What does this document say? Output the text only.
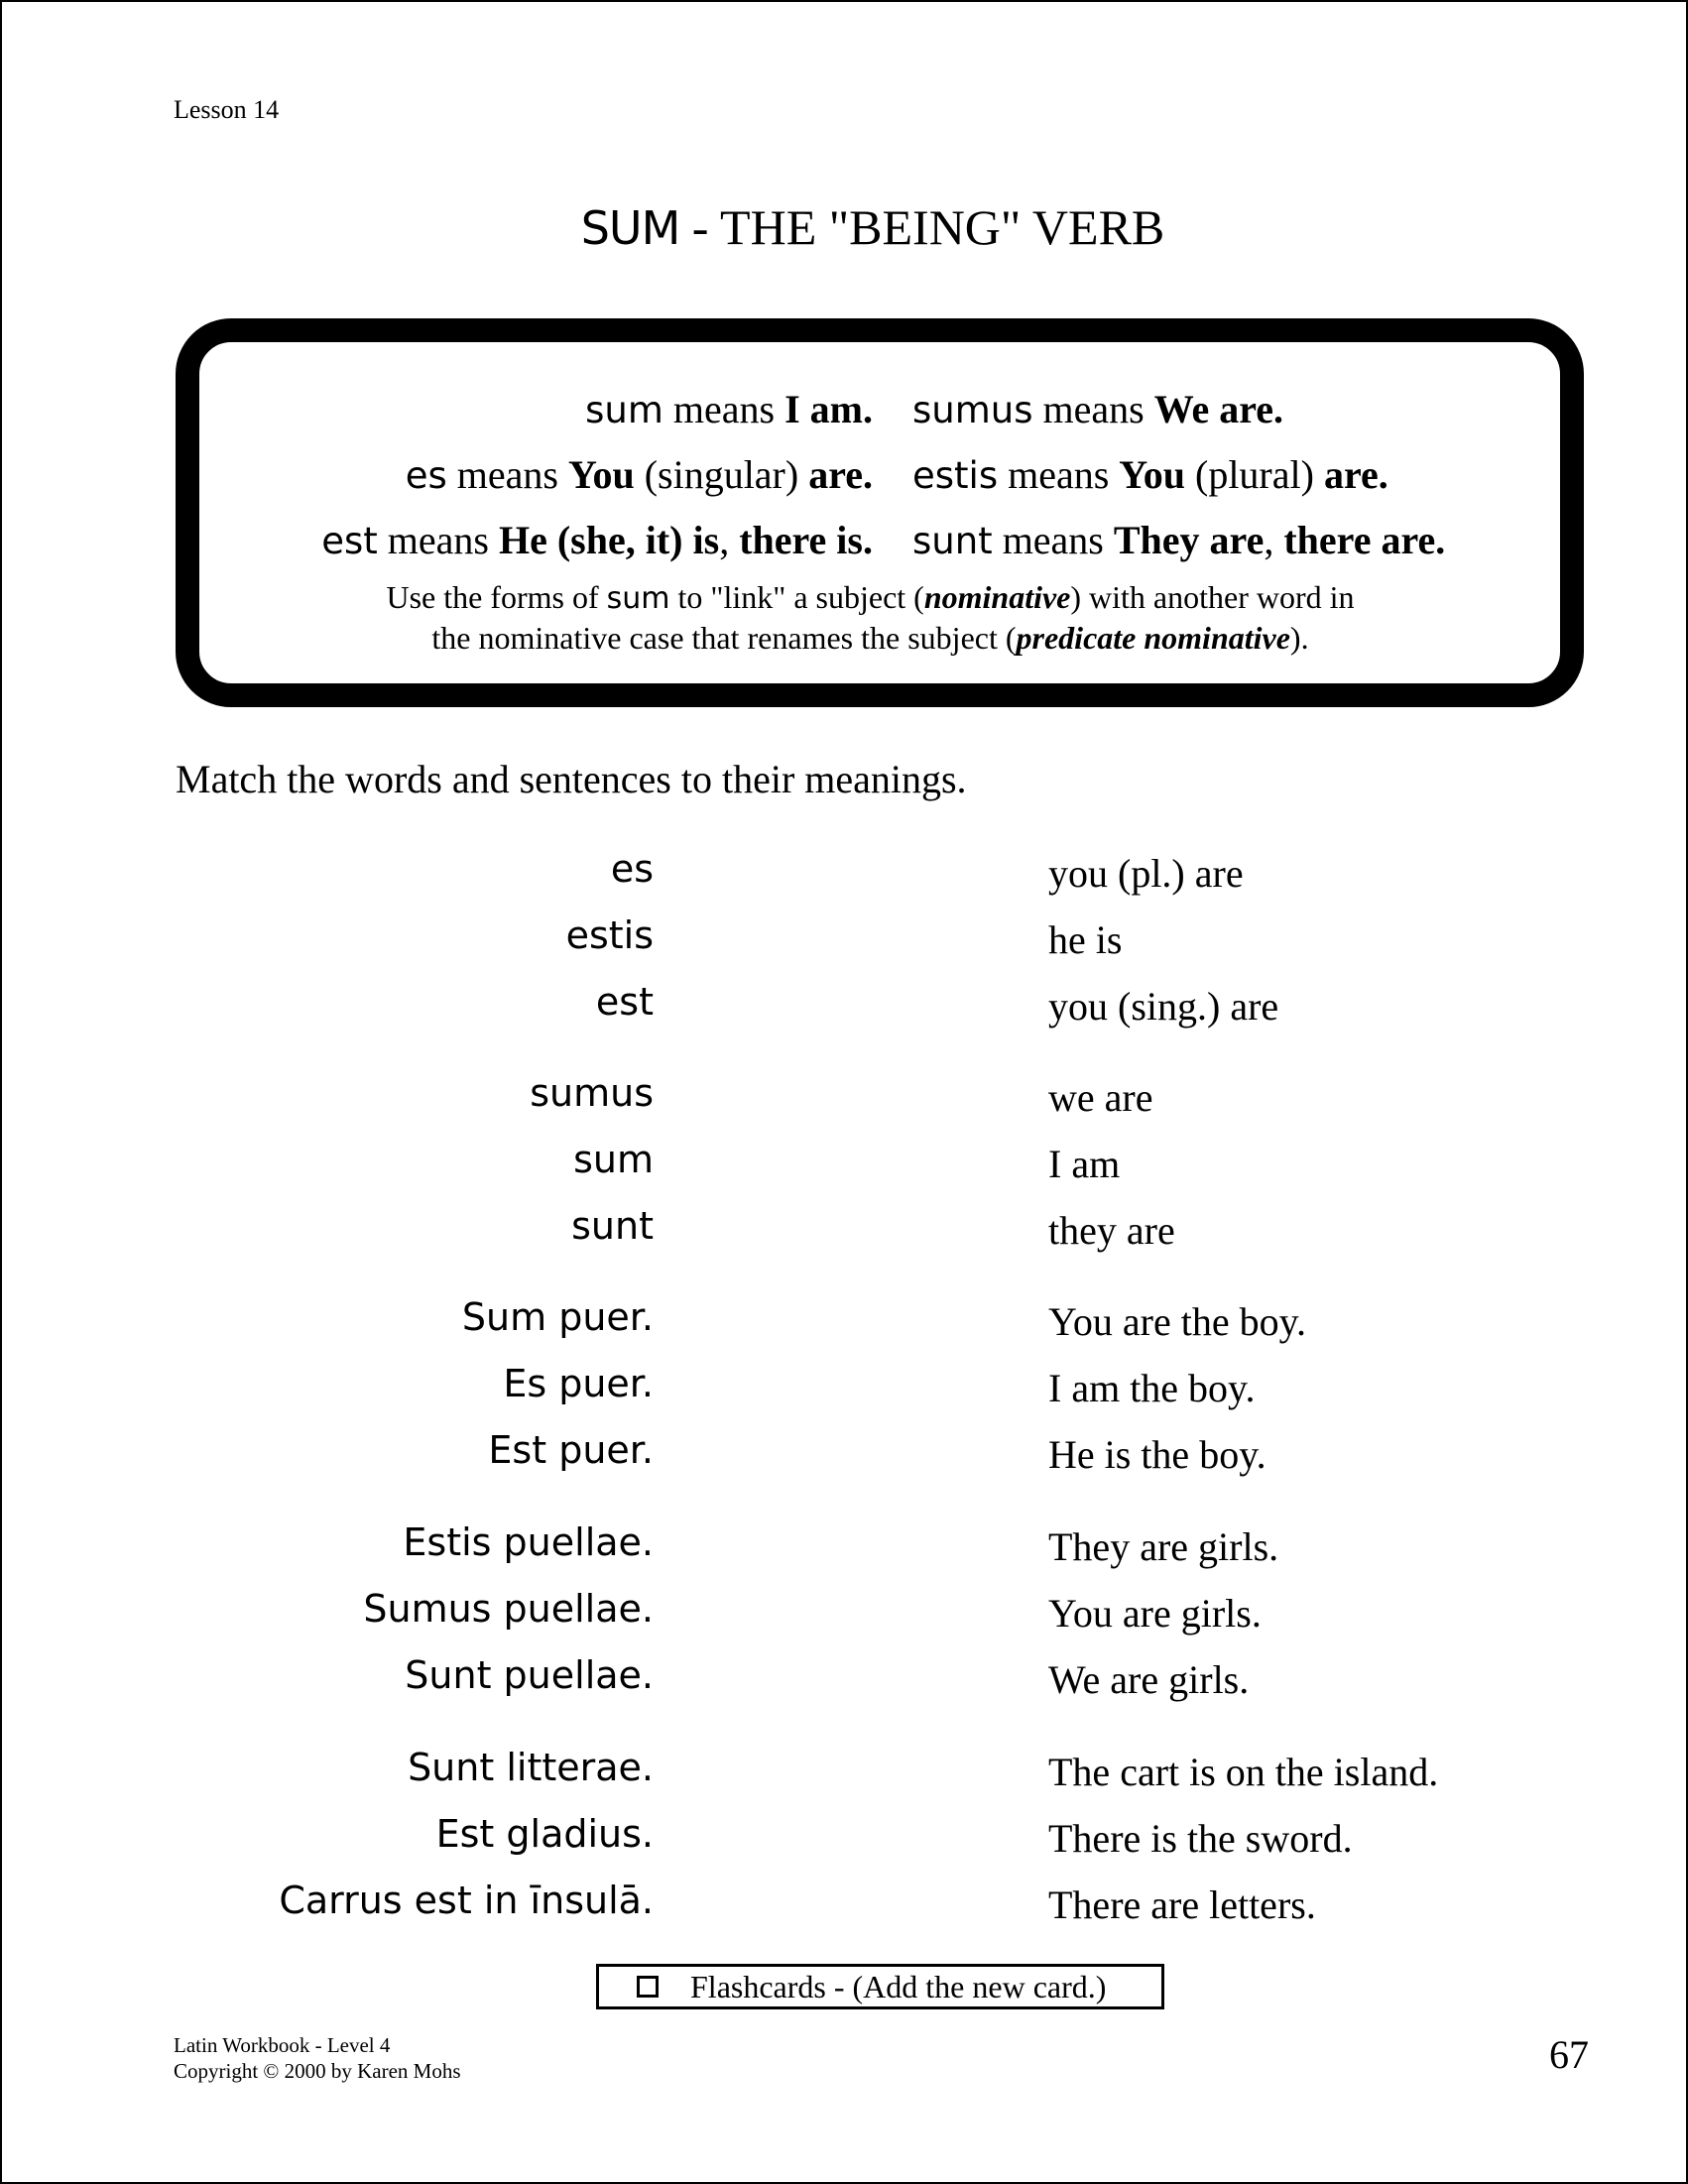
Lesson 14
SUM - THE "BEING" VERB
sum means I am. sumus means We are.
es means You (singular) are. estis means You (plural) are.
est means He (she, it) is, there is. sunt means They are, there are.
Use the forms of sum to "link" a subject (nominative) with another word in
the nominative case that renames the subject (predicate nominative).
Match the words and sentences to their meanings.
es	you (pl.) are
estis	he is
est	you (sing.) are
sumus	we are
sum	I am
sunt	they are
Sum puer.	You are the boy.
Es puer.	I am the boy.
Est puer.	He is the boy.
Estis puellae.	They are girls.
Sumus puellae.	You are girls.
Sunt puellae.	We are girls.
Sunt litterae.	The cart is on the island.
Est gladius.	There is the sword.
Carrus est in īnsulā.	There are letters.
Flashcards - (Add the new card.)
Latin Workbook - Level 4
Copyright © 2000 by Karen Mohs	67
